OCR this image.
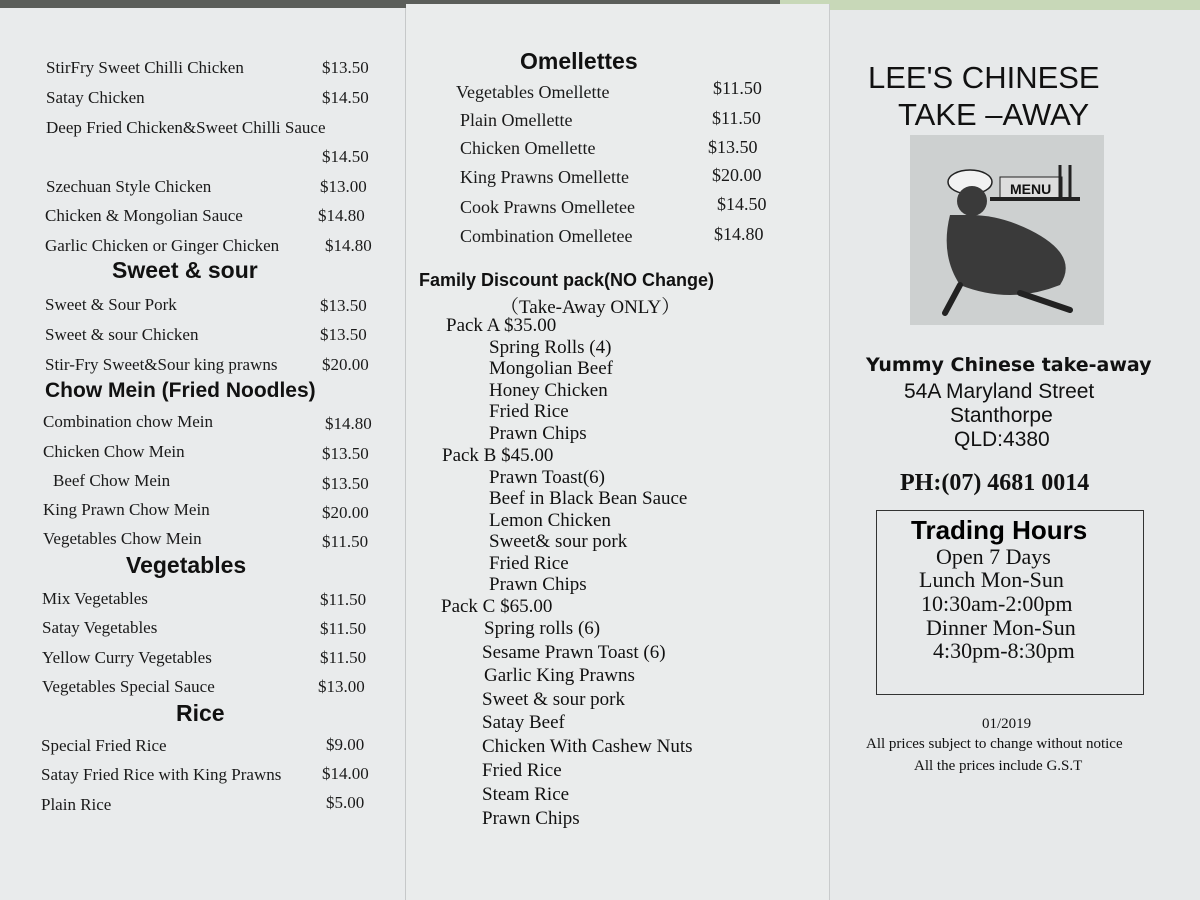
StirFry Sweet Chilli Chicken	$13.50
Satay Chicken	$14.50
Deep Fried Chicken&Sweet Chilli Sauce
$14.50
Szechuan Style Chicken	$13.00
Chicken & Mongolian Sauce	$14.80
Garlic Chicken or Ginger Chicken	$14.80
Sweet & sour
Sweet & Sour Pork	$13.50
Sweet & sour Chicken	$13.50
Stir-Fry Sweet&Sour king prawns	$20.00
Chow Mein (Fried Noodles)
Combination chow Mein	$14.80
Chicken Chow Mein	$13.50
Beef Chow Mein	$13.50
King Prawn Chow Mein	$20.00
Vegetables Chow Mein	$11.50
Vegetables
Mix Vegetables	$11.50
Satay Vegetables	$11.50
Yellow Curry Vegetables	$11.50
Vegetables Special Sauce	$13.00
Rice
Special Fried Rice	$9.00
Satay Fried Rice with King Prawns $14.00
Plain Rice	$5.00
Omellettes
Vegetables Omellette	$11.50
Plain Omellette	$11.50
Chicken Omellette	$13.50
King Prawns Omellette	$20.00
Cook Prawns Omelletee	$14.50
Combination Omelletee	$14.80
Family Discount pack(NO Change)
（Take-Away ONLY）
Pack A $35.00
Spring Rolls (4)
Mongolian Beef
Honey Chicken
Fried Rice
Prawn Chips
Pack B $45.00
Prawn Toast(6)
Beef in Black Bean Sauce
Lemon Chicken
Sweet& sour pork
Fried Rice
Prawn Chips
Pack C $65.00
Spring rolls (6)
Sesame Prawn Toast (6)
Garlic King Prawns
Sweet & sour pork
Satay Beef
Chicken With Cashew Nuts
Fried Rice
Steam Rice
Prawn Chips
LEE'S CHINESE
TAKE –AWAY
MENU
Yummy Chinese take-away
54A Maryland Street
Stanthorpe
QLD:4380
PH:(07) 4681 0014
Trading Hours
Open 7 Days
Lunch Mon-Sun
10:30am-2:00pm
Dinner Mon-Sun
4:30pm-8:30pm
01/2019
All prices subject to change without notice
All the prices include G.S.T
